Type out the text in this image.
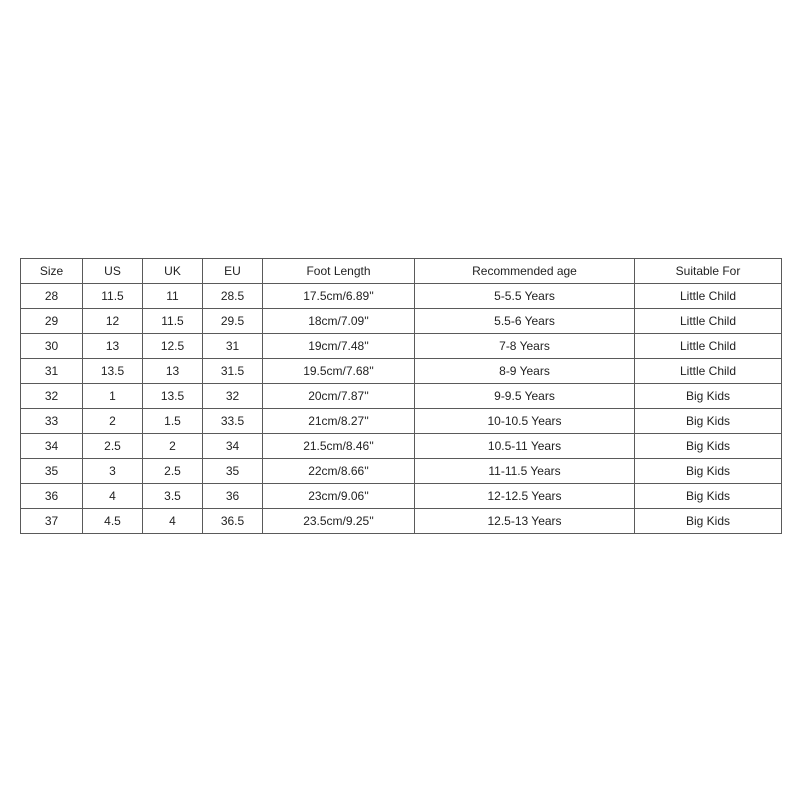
Size	US	UK	EU	Foot Length	Recommended age	Suitable For
28	11.5	11	28.5	17.5cm/6.89''	5-5.5 Years	Little Child
29	12	11.5	29.5	18cm/7.09''	5.5-6 Years	Little Child
30	13	12.5	31	19cm/7.48''	7-8 Years	Little Child
31	13.5	13	31.5	19.5cm/7.68''	8-9 Years	Little Child
32	1	13.5	32	20cm/7.87''	9-9.5 Years	Big Kids
33	2	1.5	33.5	21cm/8.27''	10-10.5 Years	Big Kids
34	2.5	2	34	21.5cm/8.46''	10.5-11 Years	Big Kids
35	3	2.5	35	22cm/8.66''	11-11.5 Years	Big Kids
36	4	3.5	36	23cm/9.06''	12-12.5 Years	Big Kids
37	4.5	4	36.5	23.5cm/9.25''	12.5-13 Years	Big Kids
